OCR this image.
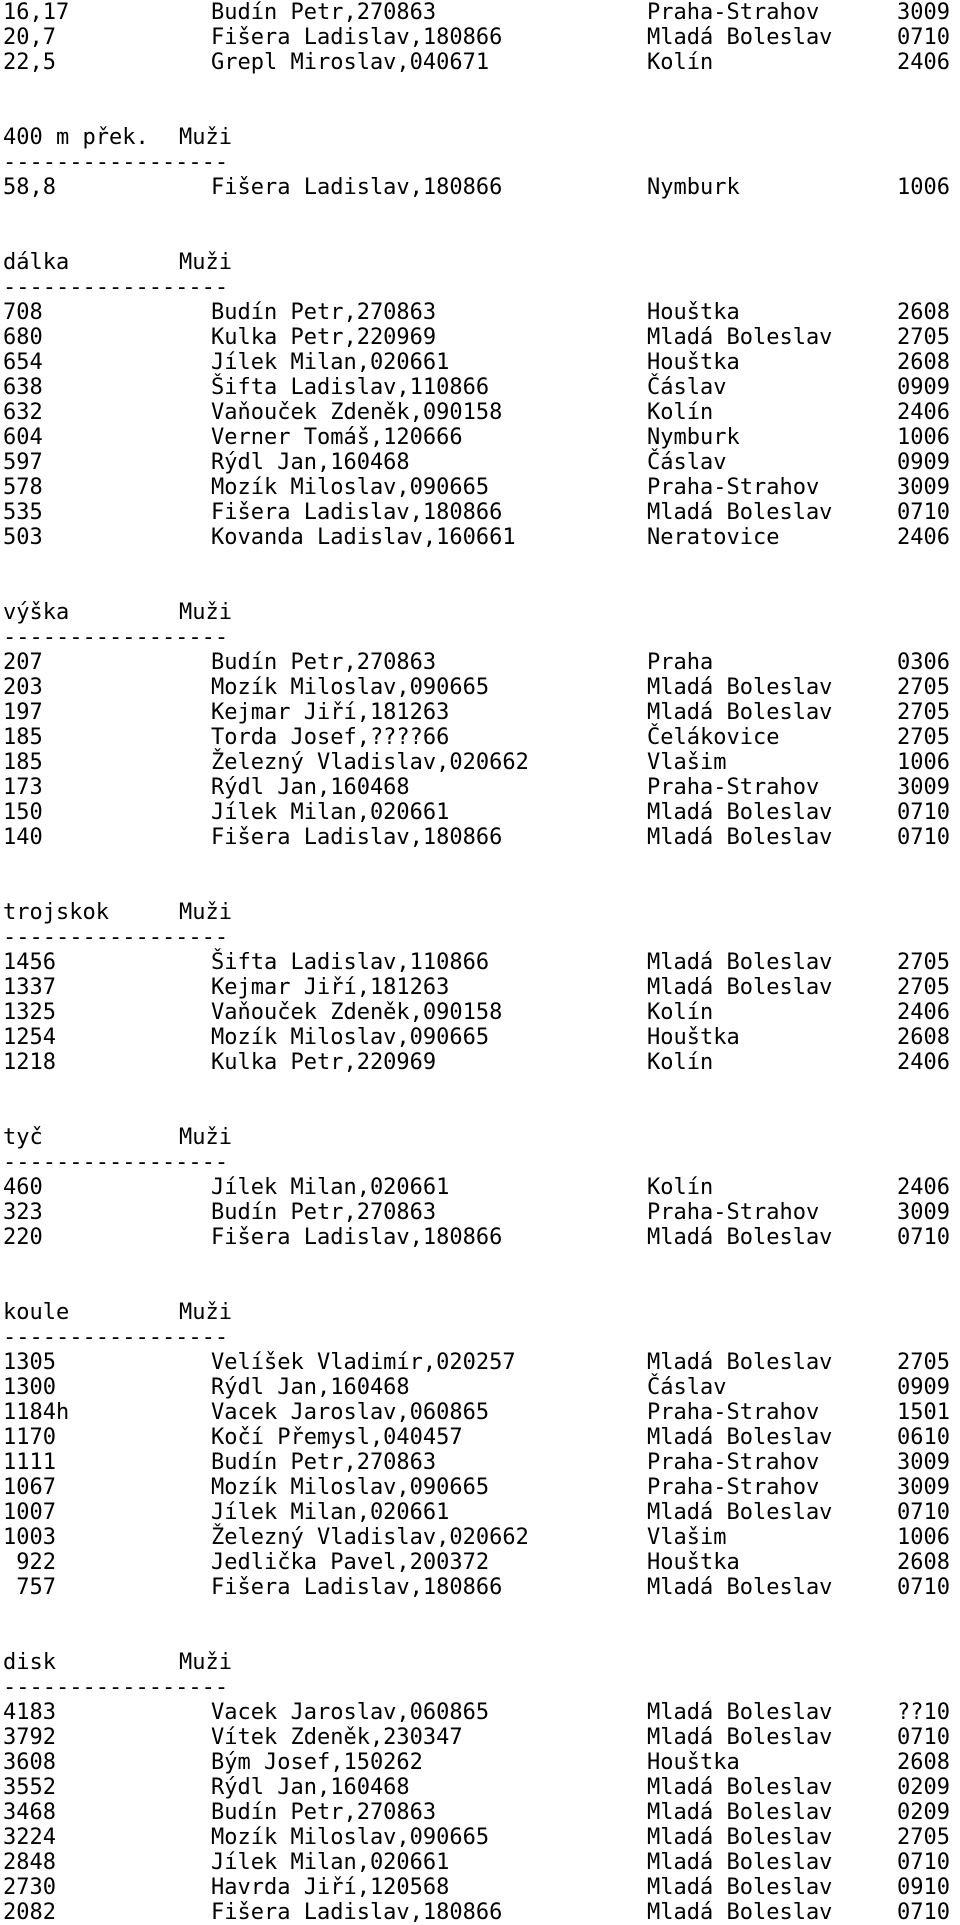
16,17	Budín Petr,270863	Praha-Strahov	3009
20,7	Fišera Ladislav,180866	Mladá Boleslav	0710
22,5	Grepl Miroslav,040671	Kolín	2406
400 m přek. Muži
-----------------
58,8	Fišera Ladislav,180866	Nymburk	1006
dálka	Muži
-----------------
708	Budín Petr,270863	Houštka	2608
680	Kulka Petr,220969	Mladá Boleslav	2705
654	Jílek Milan,020661	Houštka	2608
638	Šifta Ladislav,110866	Čáslav	0909
632	Vaňouček Zdeněk,090158	Kolín	2406
604	Verner Tomáš,120666	Nymburk	1006
597	Rýdl Jan,160468	Čáslav	0909
578	Mozík Miloslav,090665	Praha-Strahov	3009
535	Fišera Ladislav,180866	Mladá Boleslav	0710
503	Kovanda Ladislav,160661	Neratovice	2406
výška	Muži
-----------------
207	Budín Petr,270863	Praha	0306
203	Mozík Miloslav,090665	Mladá Boleslav	2705
197	Kejmar Jiří,181263	Mladá Boleslav	2705
185	Torda Josef,????66	Čelákovice	2705
185	Železný Vladislav,020662	Vlašim	1006
173	Rýdl Jan,160468	Praha-Strahov	3009
150	Jílek Milan,020661	Mladá Boleslav	0710
140	Fišera Ladislav,180866	Mladá Boleslav	0710
trojskok	Muži
-----------------
1456	Šifta Ladislav,110866	Mladá Boleslav	2705
1337	Kejmar Jiří,181263	Mladá Boleslav	2705
1325	Vaňouček Zdeněk,090158	Kolín	2406
1254	Mozík Miloslav,090665	Houštka	2608
1218	Kulka Petr,220969	Kolín	2406
tyč	Muži
-----------------
460	Jílek Milan,020661	Kolín	2406
323	Budín Petr,270863	Praha-Strahov	3009
220	Fišera Ladislav,180866	Mladá Boleslav	0710
koule	Muži
-----------------
1305	Velíšek Vladimír,020257	Mladá Boleslav	2705
1300	Rýdl Jan,160468	Čáslav	0909
1184h	Vacek Jaroslav,060865	Praha-Strahov	1501
1170	Kočí Přemysl,040457	Mladá Boleslav	0610
1111	Budín Petr,270863	Praha-Strahov	3009
1067	Mozík Miloslav,090665	Praha-Strahov	3009
1007	Jílek Milan,020661	Mladá Boleslav	0710
1003	Železný Vladislav,020662	Vlašim	1006
922	Jedlička Pavel,200372	Houštka	2608
757	Fišera Ladislav,180866	Mladá Boleslav	0710
disk	Muži
-----------------
4183	Vacek Jaroslav,060865	Mladá Boleslav	??10
3792	Vítek Zdeněk,230347	Mladá Boleslav	0710
3608	Bým Josef,150262	Houštka	2608
3552	Rýdl Jan,160468	Mladá Boleslav	0209
3468	Budín Petr,270863	Mladá Boleslav	0209
3224	Mozík Miloslav,090665	Mladá Boleslav	2705
2848	Jílek Milan,020661	Mladá Boleslav	0710
2730	Havrda Jiří,120568	Mladá Boleslav	0910
2082	Fišera Ladislav,180866	Mladá Boleslav	0710
